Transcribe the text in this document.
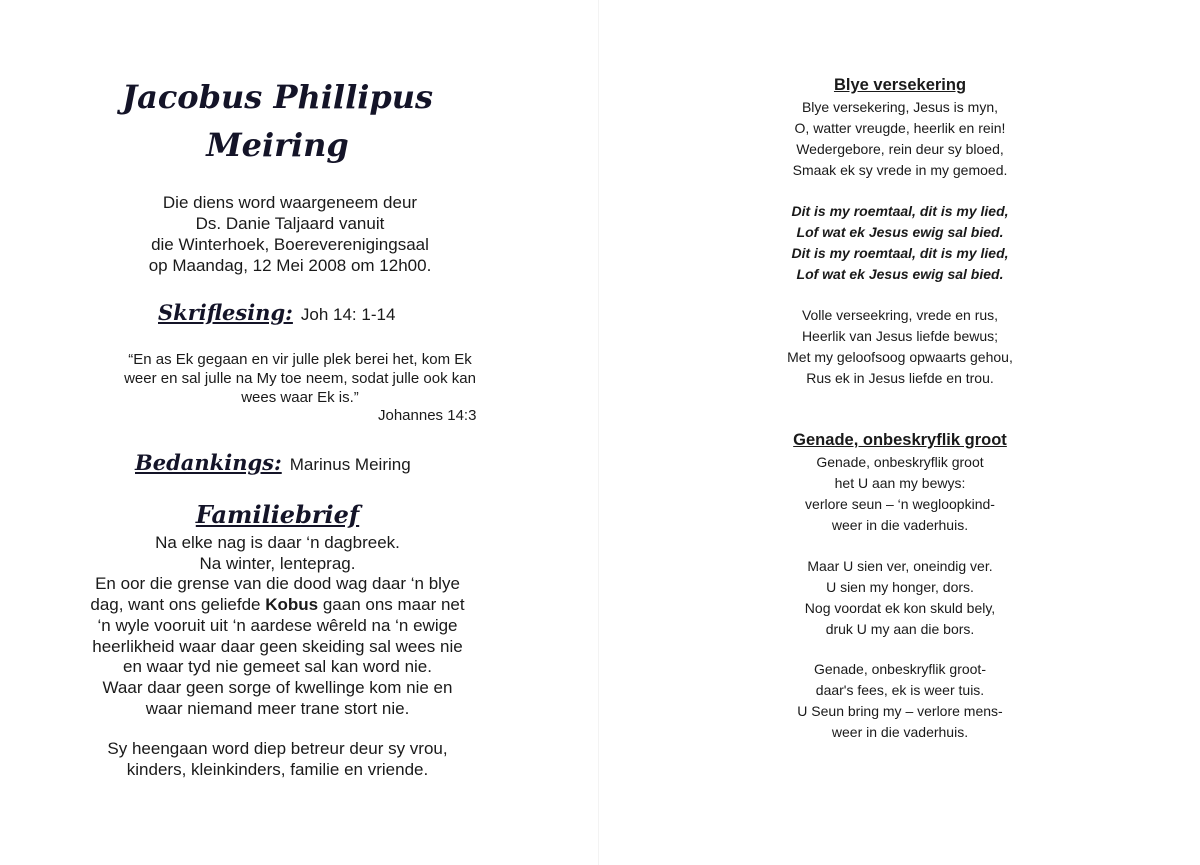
Jacobus Phillipus
Meiring
Die diens word waargeneem deur
Ds. Danie Taljaard vanuit
die Winterhoek, Boereverenigingsaal
op Maandag, 12 Mei 2008 om 12h00.
Skriflesing: Joh 14: 1-14
“En as Ek gegaan en vir julle plek berei het, kom Ek
weer en sal julle na My toe neem, sodat julle ook kan
wees waar Ek is.”
Johannes 14:3
Bedankings: Marinus Meiring
Familiebrief

Na elke nag is daar ‘n dagbreek.

Na winter, lenteprag.

En oor die grense van die dood wag daar ‘n blye

dag, want ons geliefde Kobus gaan ons maar net

‘n wyle vooruit uit ‘n aardese wêreld na ‘n ewige

heerlikheid waar daar geen skeiding sal wees nie

en waar tyd nie gemeet sal kan word nie.

Waar daar geen sorge of kwellinge kom nie en

waar niemand meer trane stort nie.

Sy heengaan word diep betreur deur sy vrou,

kinders, kleinkinders, familie en vriende.

Blye versekering
Blye versekering, Jesus is myn,
O, watter vreugde, heerlik en rein!
Wedergebore, rein deur sy bloed,
Smaak ek sy vrede in my gemoed.
Dit is my roemtaal, dit is my lied,
Lof wat ek Jesus ewig sal bied.
Dit is my roemtaal, dit is my lied,
Lof wat ek Jesus ewig sal bied.
Volle verseekring, vrede en rus,
Heerlik van Jesus liefde bewus;
Met my geloofsoog opwaarts gehou,
Rus ek in Jesus liefde en trou.
Genade, onbeskryflik groot
Genade, onbeskryflik groot
het U aan my bewys:
verlore seun – ‘n wegloopkind-
weer in die vaderhuis.
Maar U sien ver, oneindig ver.
U sien my honger, dors.
Nog voordat ek kon skuld bely,
druk U my aan die bors.
Genade, onbeskryflik groot-
daar's fees, ek is weer tuis.
U Seun bring my – verlore mens-
weer in die vaderhuis.
